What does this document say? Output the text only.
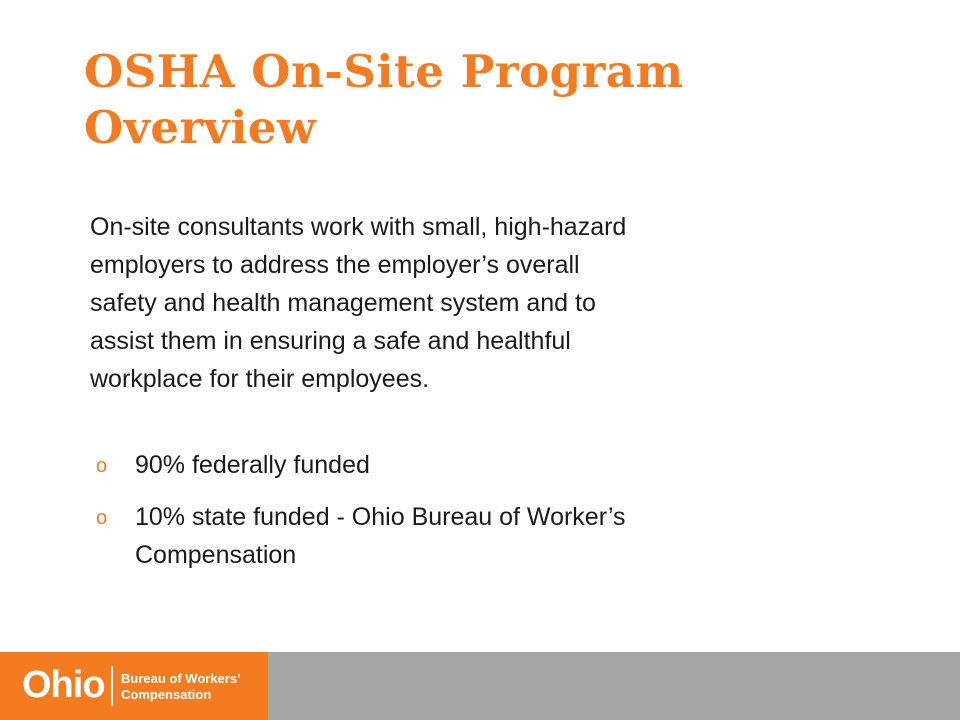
OSHA On-Site Program
Overview
On-site consultants work with small, high-hazard
employers to address the employer’s overall
safety and health management system and to
assist them in ensuring a safe and healthful
workplace for their employees.
o 90% federally funded
o 10% state funded - Ohio Bureau of Worker’s
Compensation
Ohio Bureau of Workers’
Compensation
